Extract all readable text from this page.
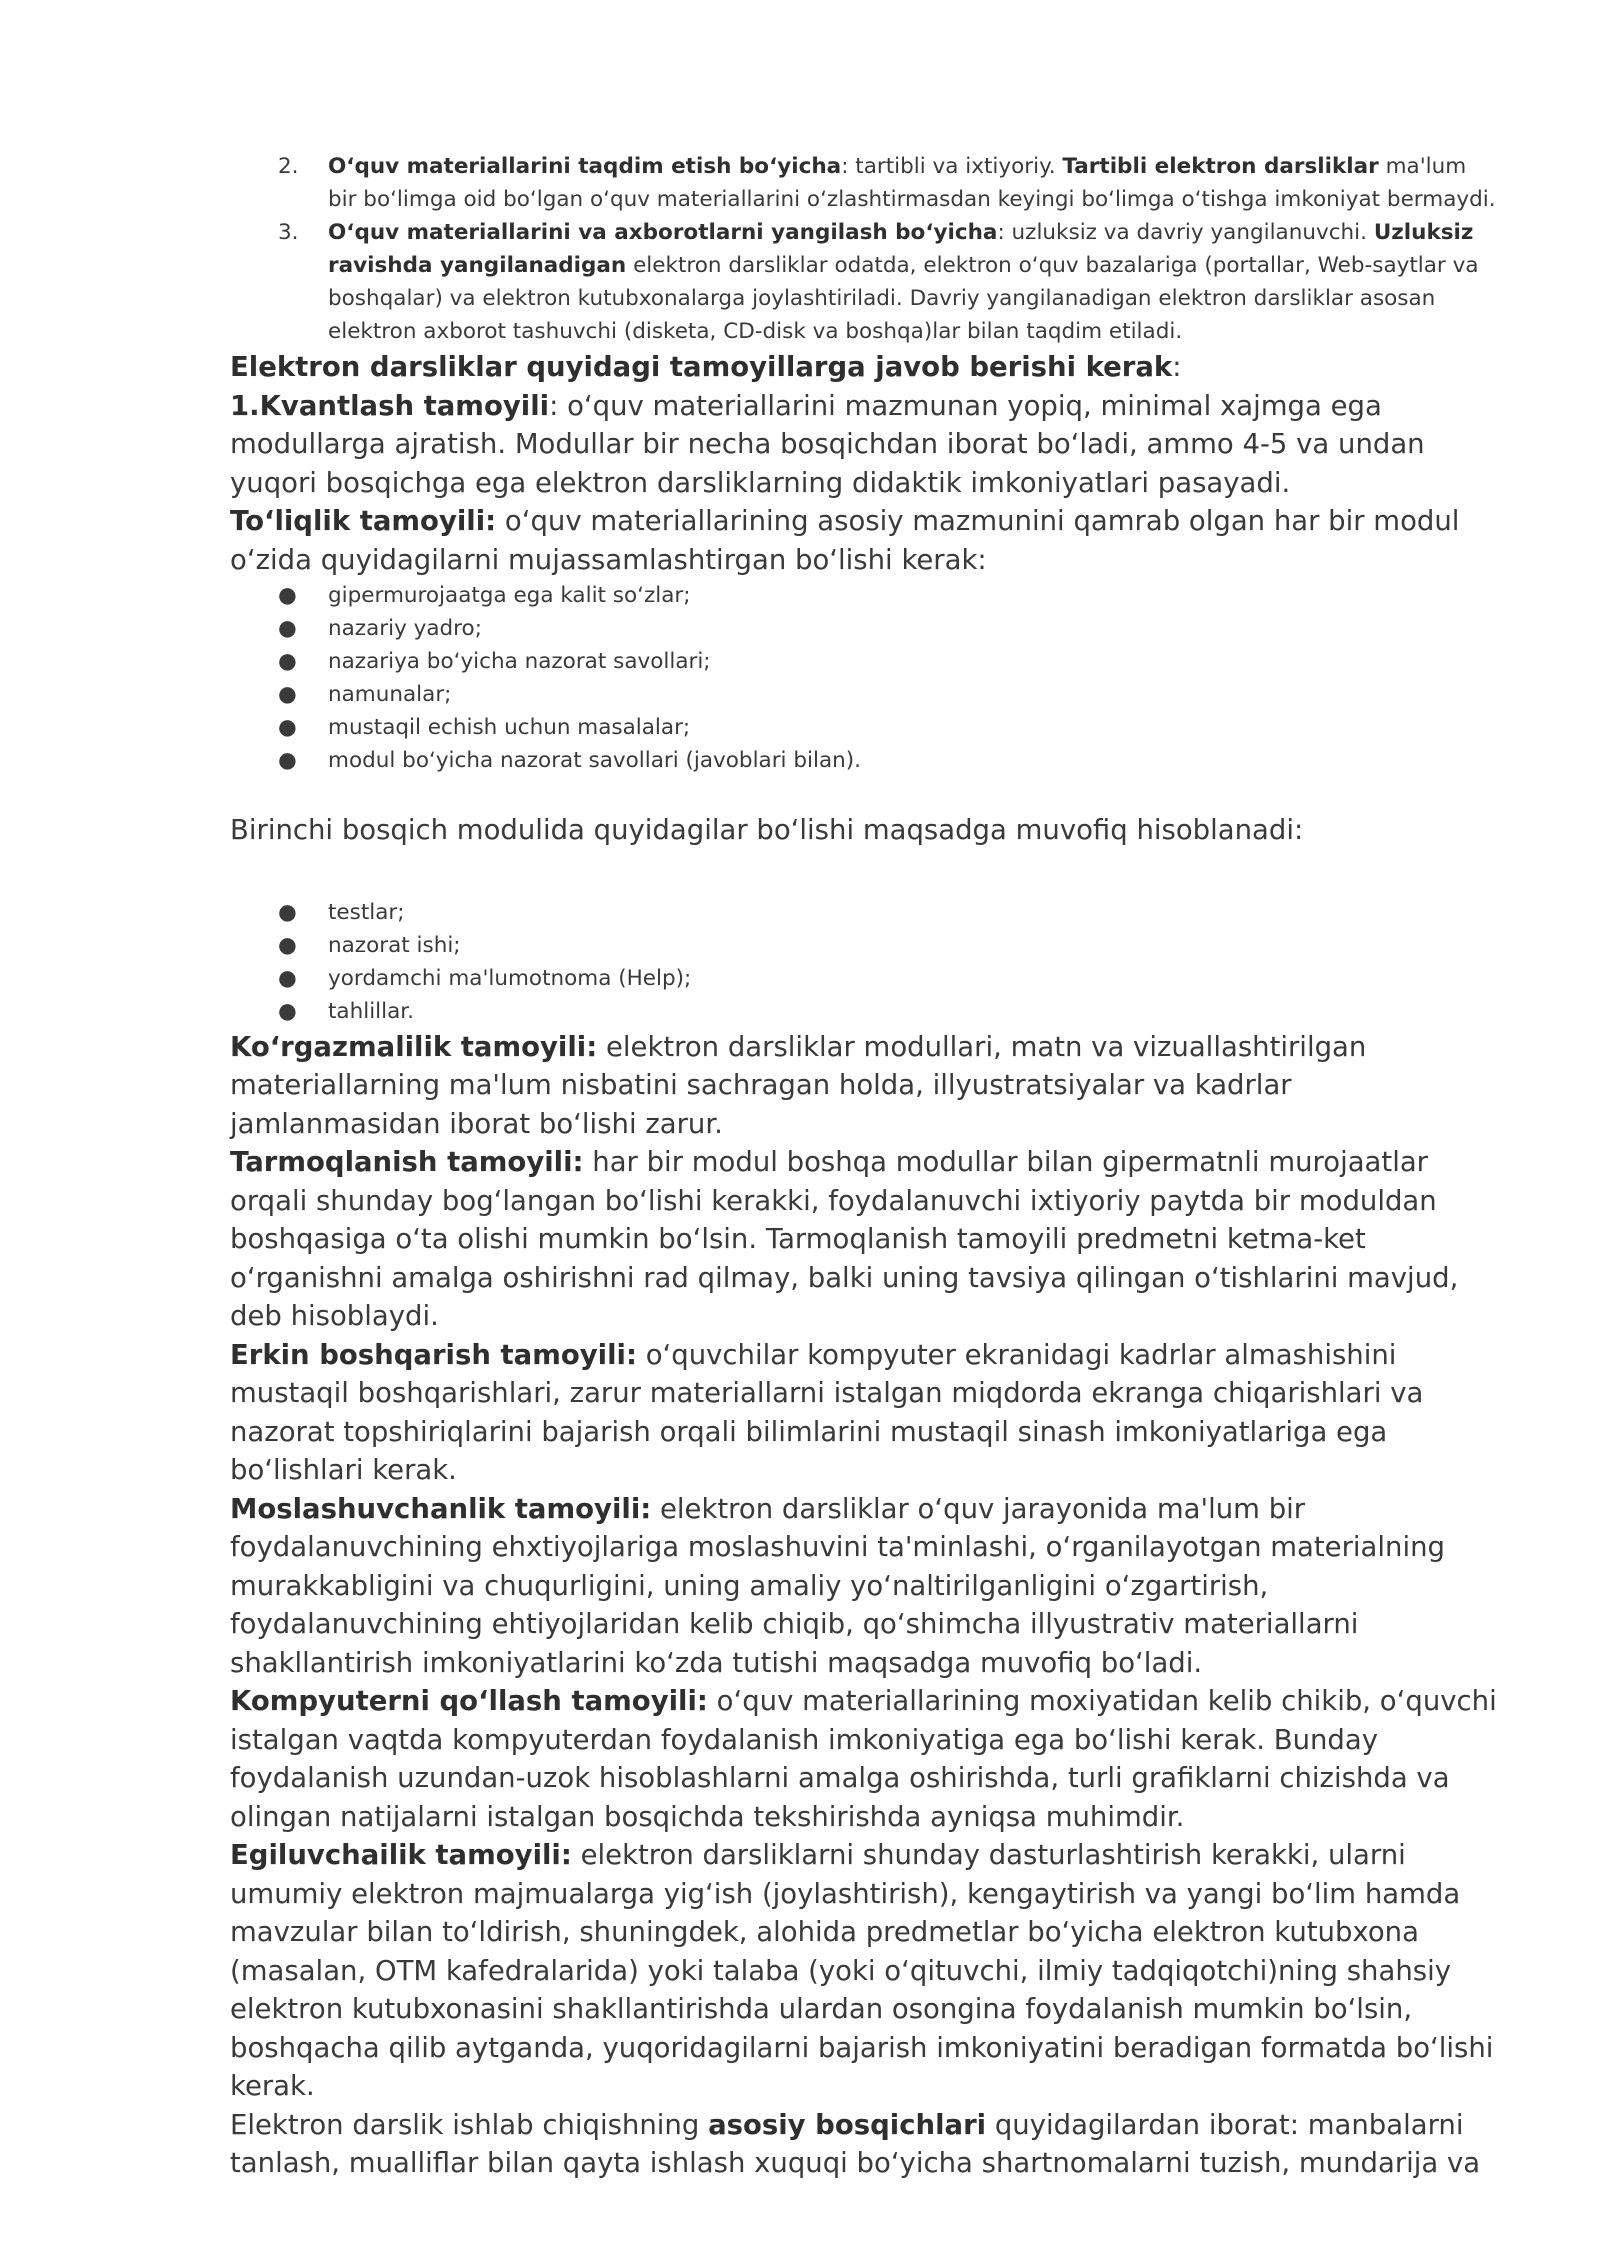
2. O‘quv materiallarini taqdim etish bo‘yicha: tartibli va ixtiyoriy. Tartibli elektron darsliklar ma'lum bir bo‘limga oid bo‘lgan o‘quv materiallarini o‘zlashtirmasdan keyingi bo‘limga o‘tishga imkoniyat bermaydi.
3. O‘quv materiallarini va axborotlarni yangilash bo‘yicha: uzluksiz va davriy yangilanuvchi. Uzluksiz ravishda yangilanadigan elektron darsliklar odatda, elektron o‘quv bazalariga (portallar, Web-saytlar va boshqalar) va elektron kutubxonalarga joylashtiriladi. Davriy yangilanadigan elektron darsliklar asosan elektron axborot tashuvchi (disketa, CD-disk va boshqa)lar bilan taqdim etiladi.

Elektron darsliklar quyidagi tamoyillarga javob berishi kerak:

1.Kvantlash tamoyili: o‘quv materiallarini mazmunan yopiq, minimal xajmga ega modullarga ajratish. Modullar bir necha bosqichdan iborat bo‘ladi, ammo 4-5 va undan yuqori bosqichga ega elektron darsliklarning didaktik imkoniyatlari pasayadi.

To‘liqlik tamoyili: o‘quv materiallarining asosiy mazmunini qamrab olgan har bir modul o‘zida quyidagilarni mujassamlashtirgan bo‘lishi kerak:

● gipermurojaatga ega kalit so‘zlar;
● nazariy yadro;
● nazariya bo‘yicha nazorat savollari;
● namunalar;
● mustaqil echish uchun masalalar;
● modul bo‘yicha nazorat savollari (javoblari bilan).

Birinchi bosqich modulida quyidagilar bo‘lishi maqsadga muvofiq hisoblanadi:

● testlar;
● nazorat ishi;
● yordamchi ma'lumotnoma (Help);
● tahlillar.

Ko‘rgazmalilik tamoyili: elektron darsliklar modullari, matn va vizuallashtirilgan materiallarning ma'lum nisbatini sachragan holda, illyustratsiyalar va kadrlar jamlanmasidan iborat bo‘lishi zarur.

Tarmoqlanish tamoyili: har bir modul boshqa modullar bilan gipermatnli murojaatlar orqali shunday bog‘langan bo‘lishi kerakki, foydalanuvchi ixtiyoriy paytda bir moduldan boshqasiga o‘ta olishi mumkin bo‘lsin. Tarmoqlanish tamoyili predmetni ketma-ket o‘rganishni amalga oshirishni rad qilmay, balki uning tavsiya qilingan o‘tishlarini mavjud, deb hisoblaydi.

Erkin boshqarish tamoyili: o‘quvchilar kompyuter ekranidagi kadrlar almashishini mustaqil boshqarishlari, zarur materiallarni istalgan miqdorda ekranga chiqarishlari va nazorat topshiriqlarini bajarish orqali bilimlarini mustaqil sinash imkoniyatlariga ega bo‘lishlari kerak.

Moslashuvchanlik tamoyili: elektron darsliklar o‘quv jarayonida ma'lum bir foydalanuvchining ehxtiyojlariga moslashuvini ta'minlashi, o‘rganilayotgan materialning murakkabligini va chuqurligini, uning amaliy yo‘naltirilganligini o‘zgartirish, foydalanuvchining ehtiyojlaridan kelib chiqib, qo‘shimcha illyustrativ materiallarni shakllantirish imkoniyatlarini ko‘zda tutishi maqsadga muvofiq bo‘ladi.

Kompyuterni qo‘llash tamoyili: o‘quv materiallarining moxiyatidan kelib chikib, o‘quvchi istalgan vaqtda kompyuterdan foydalanish imkoniyatiga ega bo‘lishi kerak. Bunday foydalanish uzundan-uzok hisoblashlarni amalga oshirishda, turli grafiklarni chizishda va olingan natijalarni istalgan bosqichda tekshirishda ayniqsa muhimdir.

Egiluvchailik tamoyili: elektron darsliklarni shunday dasturlashtirish kerakki, ularni umumiy elektron majmualarga yig‘ish (joylashtirish), kengaytirish va yangi bo‘lim hamda mavzular bilan to‘ldirish, shuningdek, alohida predmetlar bo‘yicha elektron kutubxona (masalan, OTM kafedralarida) yoki talaba (yoki o‘qituvchi, ilmiy tadqiqotchi)ning shahsiy elektron kutubxonasini shakllantirishda ulardan osongina foydalanish mumkin bo‘lsin, boshqacha qilib aytganda, yuqoridagilarni bajarish imkoniyatini beradigan formatda bo‘lishi kerak.

Elektron darslik ishlab chiqishning asosiy bosqichlari quyidagilardan iborat: manbalarni tanlash, mualliflar bilan qayta ishlash xuquqi bo‘yicha shartnomalarni tuzish, mundarija va
